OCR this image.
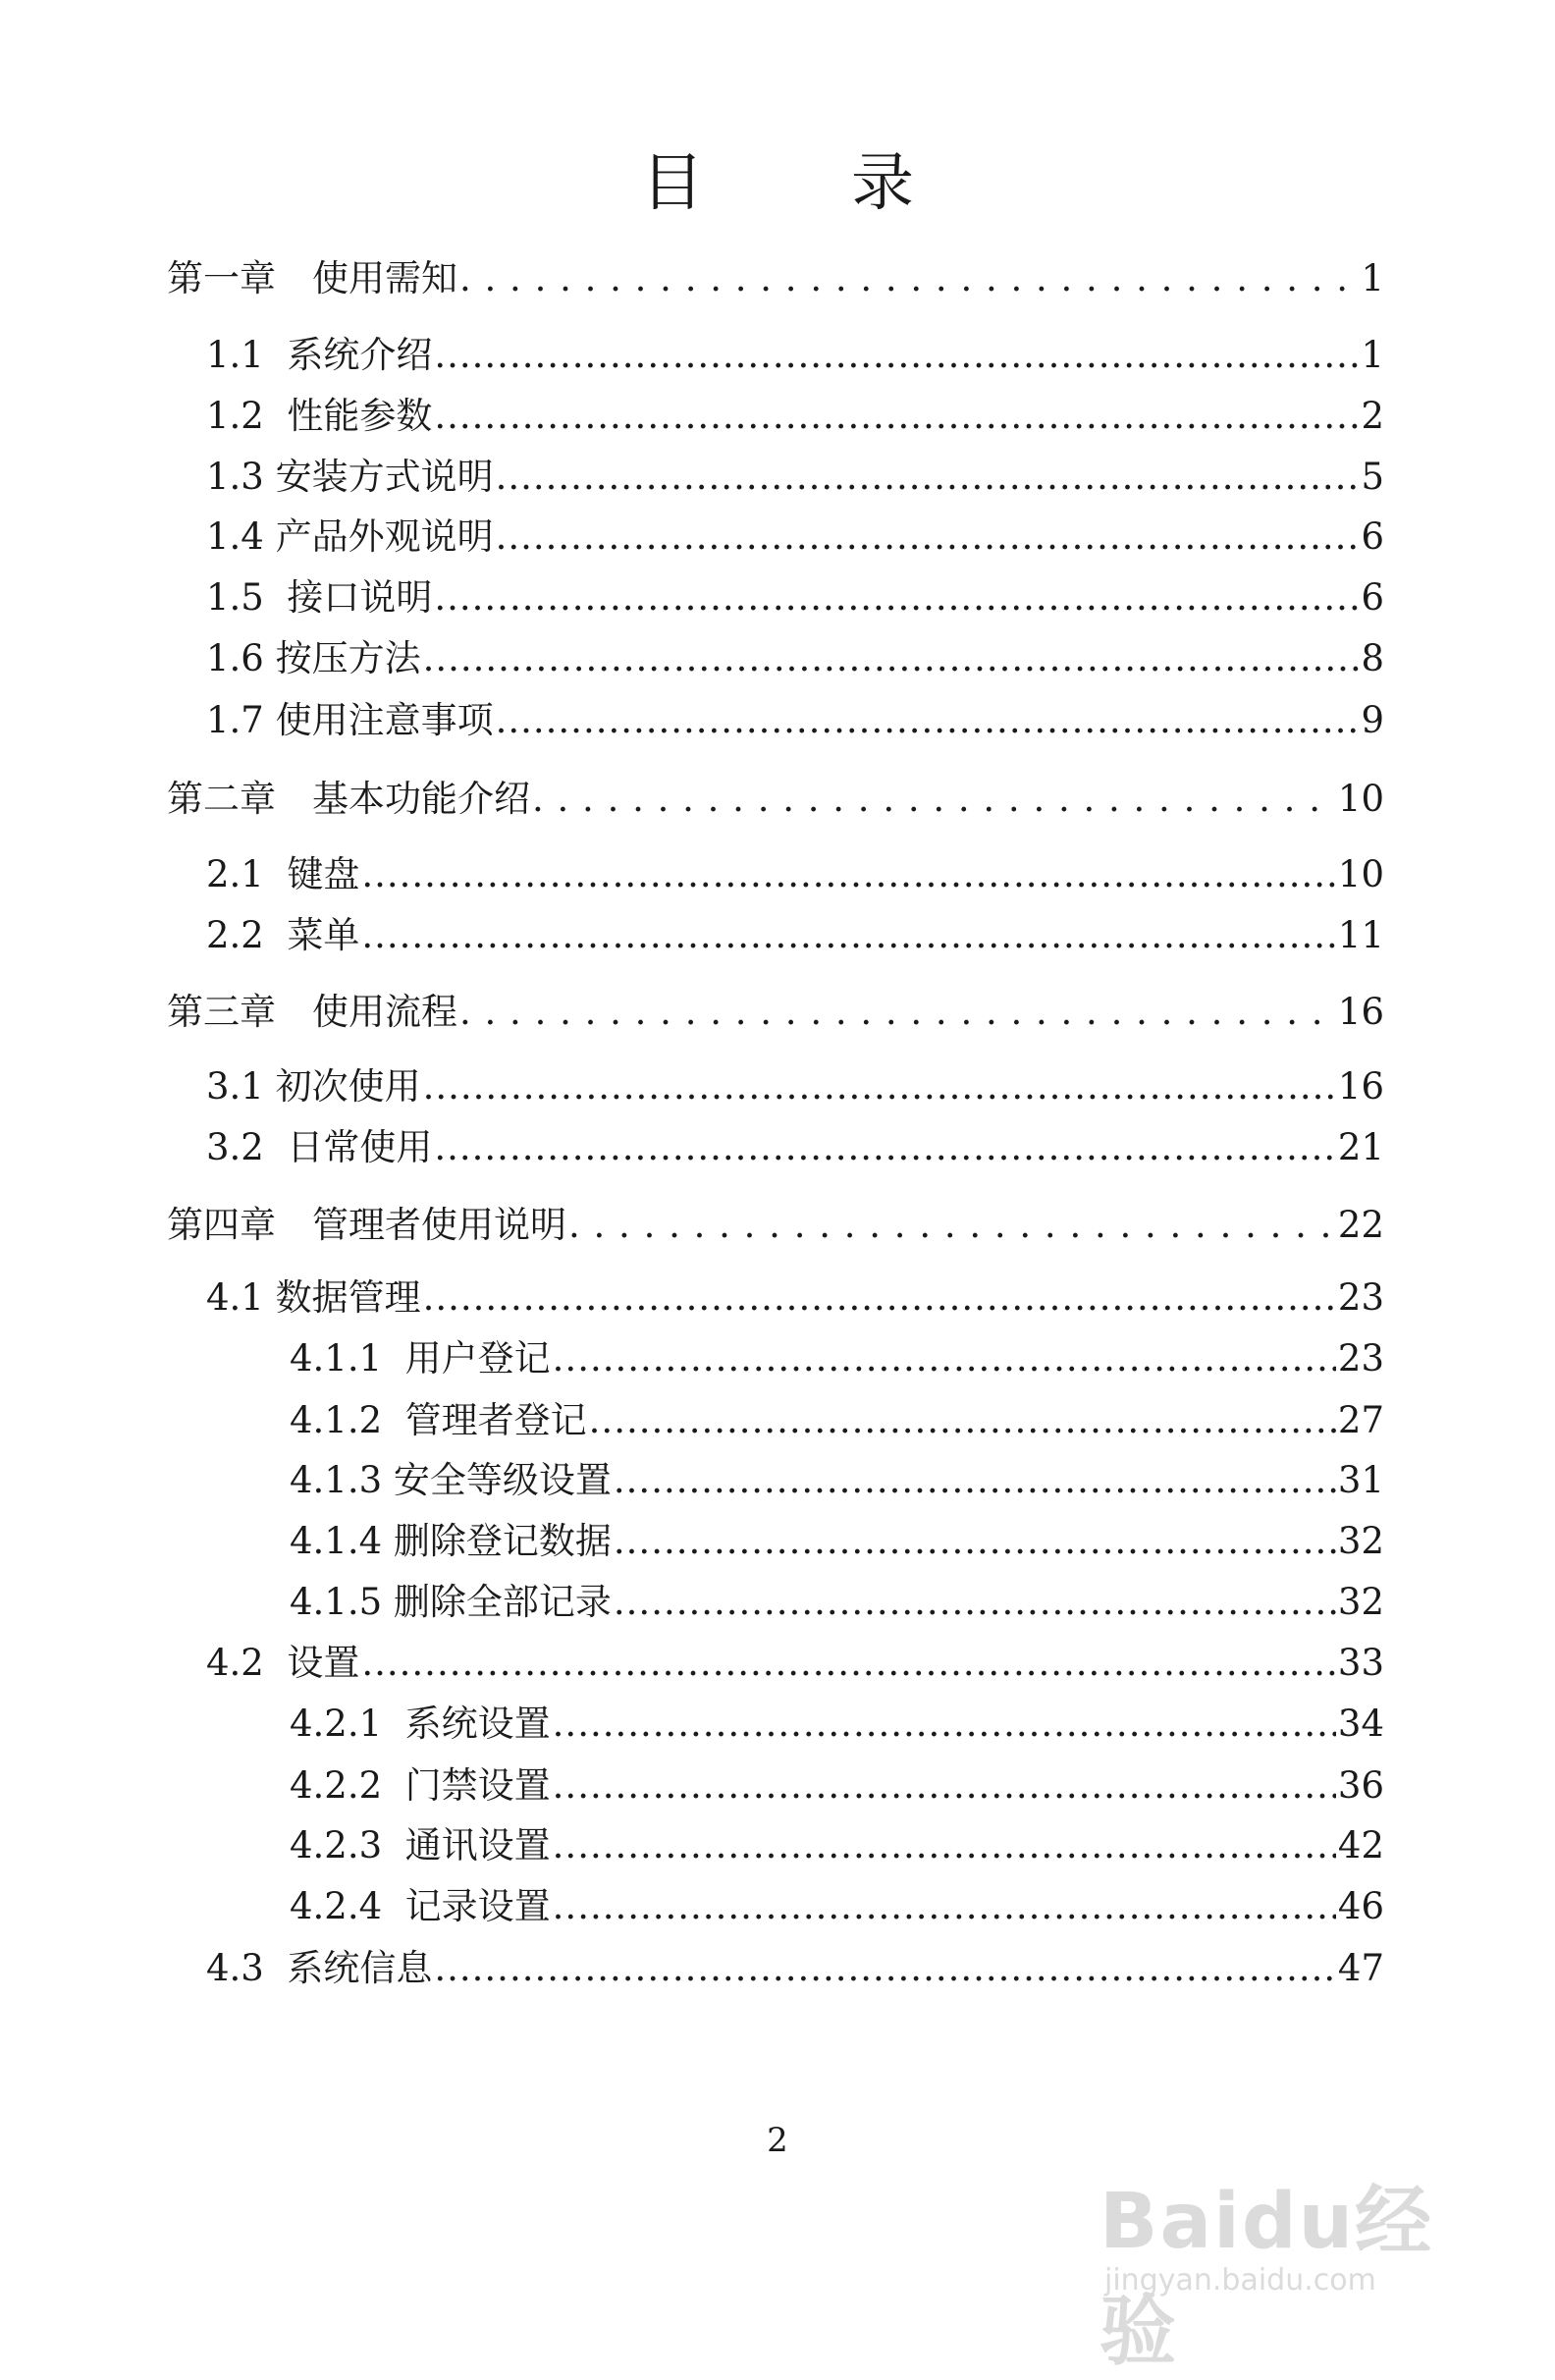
目录
第一章　使用需知 . . .	1
1.1  系统介绍 .....	1
1.2  性能参数 .....	2
1.3 安装方式说明 .....	5
1.4 产品外观说明 .....	6
1.5  接口说明 .....	6
1.6 按压方法 .....	8
1.7 使用注意事项 .....	9
第二章　基本功能介绍 . . .	10
2.1  键盘 .....	10
2.2  菜单 .....	11
第三章　使用流程 . . .	16
3.1 初次使用 .....	16
3.2  日常使用 .....	21
第四章　管理者使用说明 . . .	22
4.1 数据管理 .....	23
4.1.1  用户登记 .....	23
4.1.2  管理者登记 .....	27
4.1.3 安全等级设置 .....	31
4.1.4 删除登记数据 .....	32
4.1.5 删除全部记录 .....	32
4.2  设置 .....	33
4.2.1  系统设置 .....	34
4.2.2  门禁设置 .....	36
4.2.3  通讯设置 .....	42
4.2.4  记录设置 .....	46
4.3  系统信息 .....	47
2
Baidu经验
jingyan.baidu.com
